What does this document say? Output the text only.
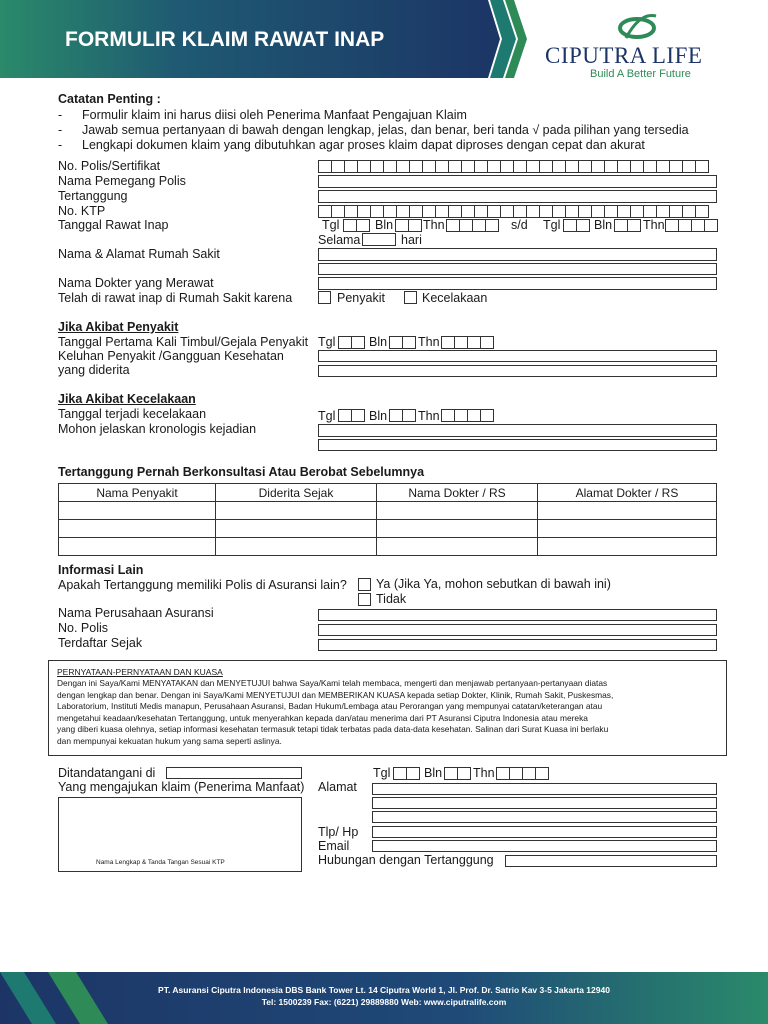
FORMULIR KLAIM RAWAT INAP
CIPUTRA LIFE
Build A Better Future
Catatan Penting :
-
-
-
Formulir klaim ini harus diisi oleh Penerima Manfaat Pengajuan Klaim
Jawab semua pertanyaan di bawah dengan lengkap, jelas, dan benar, beri tanda √ pada pilihan yang tersedia
Lengkapi dokumen klaim yang dibutuhkan agar proses klaim dapat diproses dengan cepat dan akurat
No. Polis/Sertifikat
Nama Pemegang Polis
Tertanggung
No. KTP
Tanggal Rawat Inap	Tgl	Bln Thn	s/d Tgl	Bln Thn
Selama	hari
Nama & Alamat Rumah Sakit
Nama Dokter yang Merawat
Telah di rawat inap di Rumah Sakit karena	Penyakit	Kecelakaan
Jika Akibat Penyakit
Tanggal Pertama Kali Timbul/Gejala Penyakit Tgl	Bln Thn
Keluhan Penyakit /Gangguan Kesehatan
yang diderita
Jika Akibat Kecelakaan
Tanggal terjadi kecelakaan	Tgl	Bln Thn
Mohon jelaskan kronologis kejadian
Tertanggung Pernah Berkonsultasi Atau Berobat Sebelumnya
Nama Penyakit	Diderita Sejak	Nama Dokter / RS	Alamat Dokter / RS

Informasi Lain
Apakah Tertanggung memiliki Polis di Asuransi lain? Ya (Jika Ya, mohon sebutkan di bawah ini)
Tidak
Nama Perusahaan Asuransi
No. Polis
Terdaftar Sejak
PERNYATAAN-PERNYATAAN DAN KUASA
Dengan ini Saya/Kami MENYATAKAN dan MENYETUJUI bahwa Saya/Kami telah membaca, mengerti dan menjawab pertanyaan-pertanyaan diatas
dengan lengkap dan benar. Dengan ini Saya/Kami MENYETUJUI dan MEMBERIKAN KUASA kepada setiap Dokter, Klinik, Rumah Sakit, Puskesmas,
Laboratorium, Instituti Medis manapun, Perusahaan Asuransi, Badan Hukum/Lembaga atau Perorangan yang mempunyai catatan/keterangan atau
mengetahui keadaan/kesehatan Tertanggung, untuk menyerahkan kepada dan/atau menerima dari PT Asuransi Ciputra Indonesia atau mereka
yang diberi kuasa olehnya, setiap informasi kesehatan termasuk tetapi tidak terbatas pada data-data kesehatan. Salinan dari Surat Kuasa ini berlaku
dan mempunyai kekuatan hukum yang sama seperti aslinya.
Ditandatangani di	Tgl	Bln Thn
Yang mengajukan klaim (Penerima Manfaat) Alamat
Tlp/ Hp
Email
Hubungan dengan Tertanggung
Nama Lengkap & Tanda Tangan Sesuai KTP
PT. Asuransi Ciputra Indonesia DBS Bank Tower Lt. 14 Ciputra World 1, Jl. Prof. Dr. Satrio Kav 3-5 Jakarta 12940
Tel: 1500239 Fax: (6221) 29889880 Web: www.ciputralife.com
